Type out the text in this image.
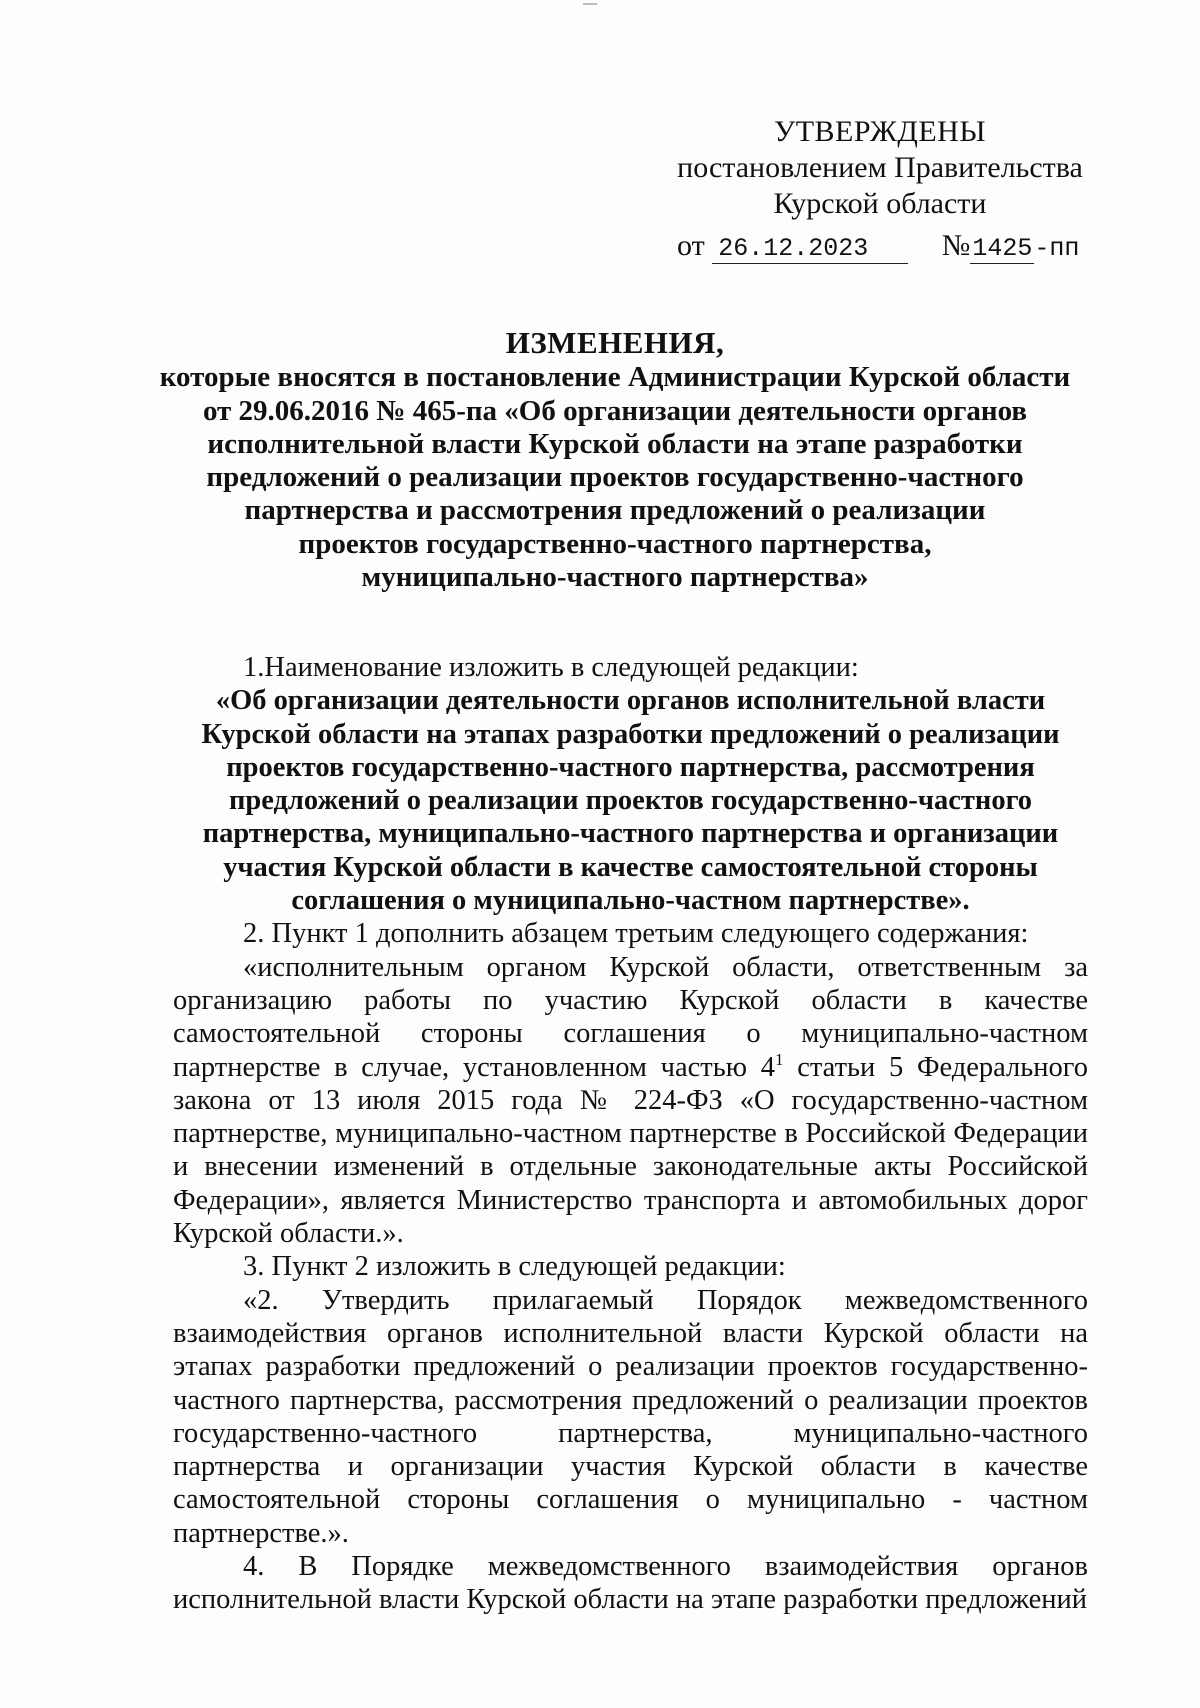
УТВЕРЖДЕНЫ
постановлением Правительства
Курской области
от 26.12.2023 №1425-пп
ИЗМЕНЕНИЯ,
которые вносятся в постановление Администрации Курской области
от 29.06.2016 № 465-па «Об организации деятельности органов
исполнительной власти Курской области на этапе разработки
предложений о реализации проектов государственно-частного
партнерства и рассмотрения предложений о реализации
проектов государственно-частного партнерства,
муниципально-частного партнерства»

1.Наименование изложить в следующей редакции:

«Об организации деятельности органов исполнительной власти
Курской области на этапах разработки предложений о реализации
проектов государственно-частного партнерства, рассмотрения
предложений о реализации проектов государственно-частного
партнерства, муниципально-частного партнерства и организации
участия Курской области в качестве самостоятельной стороны
соглашения о муниципально-частном партнерстве».

2. Пункт 1 дополнить абзацем третьим следующего содержания:

«исполнительным органом Курской области, ответственным за организацию работы по участию Курской области в качестве самостоятельной стороны соглашения о муниципально-частном партнерстве в случае, установленном частью $4^1$ статьи 5 Федерального закона от 13 июля 2015 года № 224-ФЗ «О государственно-частном партнерстве, муниципально-частном партнерстве в Российской Федерации и внесении изменений в отдельные законодательные акты Российской Федерации», является Министерство транспорта и автомобильных дорог Курской области.».

3. Пункт 2 изложить в следующей редакции:

«2. Утвердить прилагаемый Порядок межведомственного взаимодействия органов исполнительной власти Курской области на этапах разработки предложений о реализации проектов государственно-частного партнерства, рассмотрения предложений о реализации проектов государственно-частного партнерства, муниципально-частного партнерства и организации участия Курской области в качестве самостоятельной стороны соглашения о муниципально - частном партнерстве.».

4. В Порядке межведомственного взаимодействия органов исполнительной власти Курской области на этапе разработки предложений
